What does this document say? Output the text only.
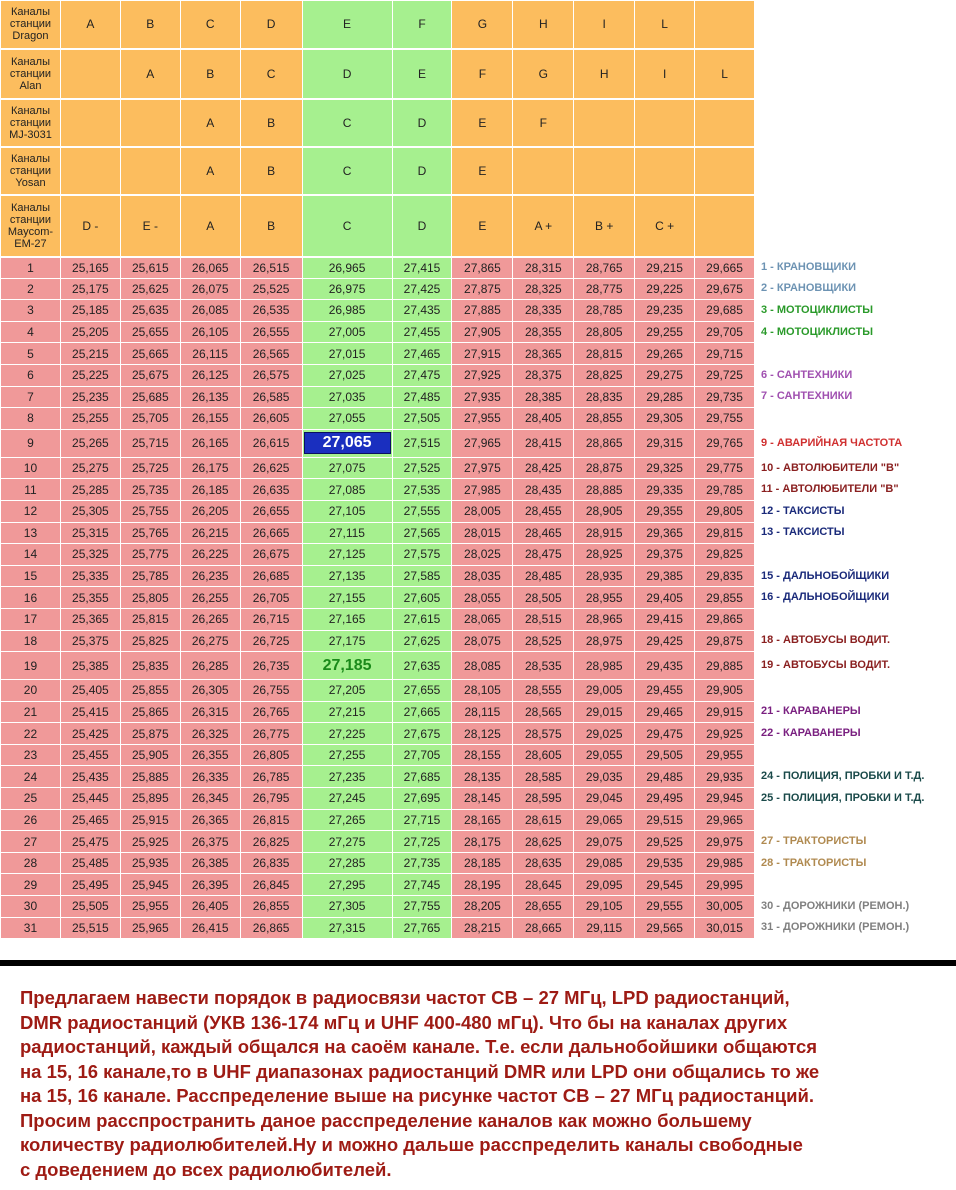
Каналы станции Dragon	A	B	C	D	E	F	G	H	I	L		
Каналы станции Alan		A	B	C	D	E	F	G	H	I	L	
Каналы станции MJ-3031			A	B	C	D	E	F				
Каналы станции Yosan			A	B	C	D	E					
Каналы станции Maycom-EM-27	D -	E -	A	B	C	D	E	A +	B +	C +		
1	25,165	25,615	26,065	26,515	26,965	27,415	27,865	28,315	28,765	29,215	29,665	1 - КРАНОВЩИКИ
2	25,175	25,625	26,075	25,525	26,975	27,425	27,875	28,325	28,775	29,225	29,675	2 - КРАНОВЩИКИ
3	25,185	25,635	26,085	26,535	26,985	27,435	27,885	28,335	28,785	29,235	29,685	3 - МОТОЦИКЛИСТЫ
4	25,205	25,655	26,105	26,555	27,005	27,455	27,905	28,355	28,805	29,255	29,705	4 - МОТОЦИКЛИСТЫ
5	25,215	25,665	26,115	26,565	27,015	27,465	27,915	28,365	28,815	29,265	29,715	
6	25,225	25,675	26,125	26,575	27,025	27,475	27,925	28,375	28,825	29,275	29,725	6 - САНТЕХНИКИ
7	25,235	25,685	26,135	26,585	27,035	27,485	27,935	28,385	28,835	29,285	29,735	7 - САНТЕХНИКИ
8	25,255	25,705	26,155	26,605	27,055	27,505	27,955	28,405	28,855	29,305	29,755	
9	25,265	25,715	26,165	26,615	27,065	27,515	27,965	28,415	28,865	29,315	29,765	9 - АВАРИЙНАЯ ЧАСТОТА
10	25,275	25,725	26,175	26,625	27,075	27,525	27,975	28,425	28,875	29,325	29,775	10 - АВТОЛЮБИТЕЛИ "В"
11	25,285	25,735	26,185	26,635	27,085	27,535	27,985	28,435	28,885	29,335	29,785	11 - АВТОЛЮБИТЕЛИ "В"
12	25,305	25,755	26,205	26,655	27,105	27,555	28,005	28,455	28,905	29,355	29,805	12 - ТАКСИСТЫ
13	25,315	25,765	26,215	26,665	27,115	27,565	28,015	28,465	28,915	29,365	29,815	13 - ТАКСИСТЫ
14	25,325	25,775	26,225	26,675	27,125	27,575	28,025	28,475	28,925	29,375	29,825	
15	25,335	25,785	26,235	26,685	27,135	27,585	28,035	28,485	28,935	29,385	29,835	15 - ДАЛЬНОБОЙЩИКИ
16	25,355	25,805	26,255	26,705	27,155	27,605	28,055	28,505	28,955	29,405	29,855	16 - ДАЛЬНОБОЙЩИКИ
17	25,365	25,815	26,265	26,715	27,165	27,615	28,065	28,515	28,965	29,415	29,865	
18	25,375	25,825	26,275	26,725	27,175	27,625	28,075	28,525	28,975	29,425	29,875	18 - АВТОБУСЫ ВОДИТ.
19	25,385	25,835	26,285	26,735	27,185	27,635	28,085	28,535	28,985	29,435	29,885	19 - АВТОБУСЫ ВОДИТ.
20	25,405	25,855	26,305	26,755	27,205	27,655	28,105	28,555	29,005	29,455	29,905	
21	25,415	25,865	26,315	26,765	27,215	27,665	28,115	28,565	29,015	29,465	29,915	21 - КАРАВАНЕРЫ
22	25,425	25,875	26,325	26,775	27,225	27,675	28,125	28,575	29,025	29,475	29,925	22 - КАРАВАНЕРЫ
23	25,455	25,905	26,355	26,805	27,255	27,705	28,155	28,605	29,055	29,505	29,955	
24	25,435	25,885	26,335	26,785	27,235	27,685	28,135	28,585	29,035	29,485	29,935	24 - ПОЛИЦИЯ, ПРОБКИ И Т.Д.
25	25,445	25,895	26,345	26,795	27,245	27,695	28,145	28,595	29,045	29,495	29,945	25 - ПОЛИЦИЯ, ПРОБКИ И Т.Д.
26	25,465	25,915	26,365	26,815	27,265	27,715	28,165	28,615	29,065	29,515	29,965	
27	25,475	25,925	26,375	26,825	27,275	27,725	28,175	28,625	29,075	29,525	29,975	27 - ТРАКТОРИСТЫ
28	25,485	25,935	26,385	26,835	27,285	27,735	28,185	28,635	29,085	29,535	29,985	28 - ТРАКТОРИСТЫ
29	25,495	25,945	26,395	26,845	27,295	27,745	28,195	28,645	29,095	29,545	29,995	
30	25,505	25,955	26,405	26,855	27,305	27,755	28,205	28,655	29,105	29,555	30,005	30 - ДОРОЖНИКИ (РЕМОН.)
31	25,515	25,965	26,415	26,865	27,315	27,765	28,215	28,665	29,115	29,565	30,015	31 - ДОРОЖНИКИ (РЕМОН.)
Предлагаем навести порядок в радиосвязи частот СВ – 27 МГц, LPD радиостанций,
DMR радиостанций (УКВ 136-174 мГц и UHF 400-480 мГц). Что бы на каналах других
радиостанций, каждый общался на саоём канале. Т.е. если дальнобойшики общаются
на 15, 16 канале,то в UHF диапазонах радиостанций DMR или LPD они общались то же
на 15, 16 канале. Расспределение выше на рисунке частот СВ – 27 МГц радиостанций.
Просим расспространить даное расспределение каналов как можно большему
количеству радиолюбителей.Ну и можно дальше расспределить каналы свободные
с доведением до всех радиолюбителей.
